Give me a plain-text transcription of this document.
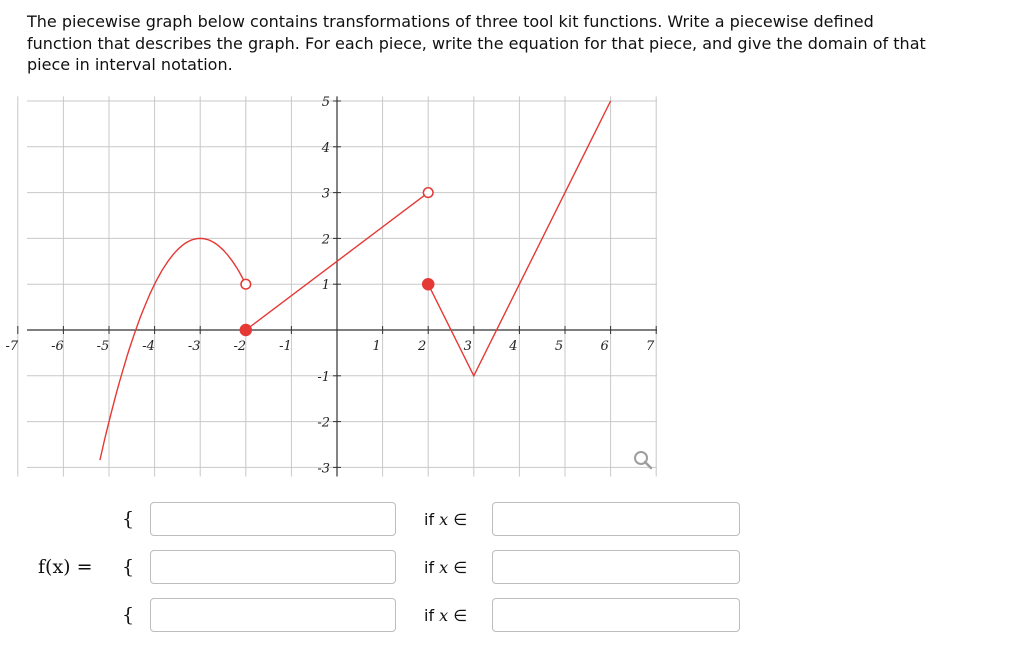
The piecewise graph below contains transformations of three tool kit functions. Write a piecewise defined function that describes the graph. For each piece, write the equation for that piece, and give the domain of that piece in interval notation.

-7	-6	-5	-4	-3	-2	-1	1	2	3	4	5	6	7
5
4
3
2
1
-1
-2
-3
f(x) =
{	if x ∈
{	if x ∈
{	if x ∈
